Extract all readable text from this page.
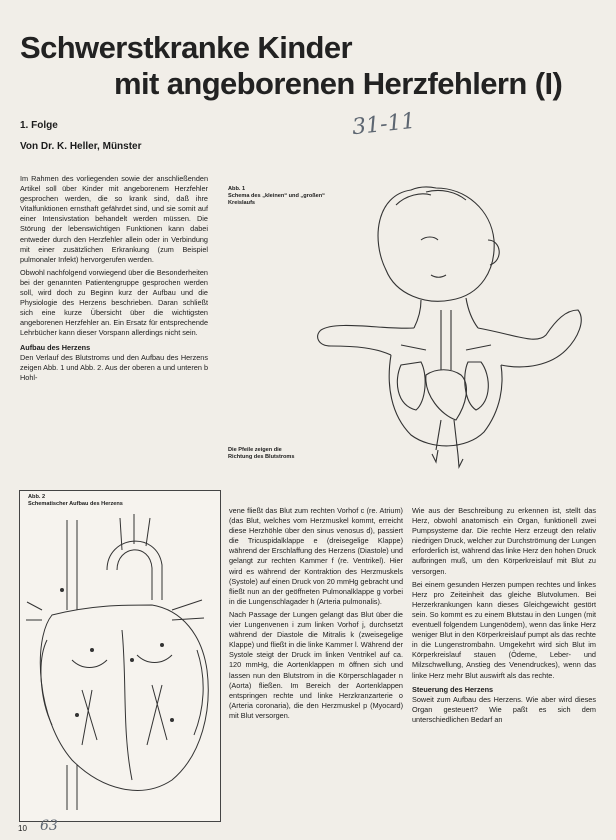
Schwerstkranke Kinder
mit angeborenen Herzfehlern (I)
1. Folge
Von Dr. K. Heller, Münster
31-11

Im Rahmen des vorliegenden sowie der anschließenden Artikel soll über Kinder mit angeborenem Herzfehler gesprochen werden, die so krank sind, daß ihre Vitalfunktionen ernsthaft gefährdet sind, und sie somit auf einer Intensivstation behandelt werden müssen. Die Störung der lebenswichtigen Funktionen kann dabei entweder durch den Herzfehler allein oder in Verbindung mit einer zusätzlichen Erkrankung (zum Beispiel pulmonaler Infekt) hervorgerufen werden.

Obwohl nachfolgend vorwiegend über die Besonderheiten bei der genannten Patientengruppe gesprochen werden soll, wird doch zu Beginn kurz der Aufbau und die Physiologie des Herzens beschrieben. Daran schließt sich eine kurze Übersicht über die wichtigsten angeborenen Herzfehler an. Ein Ersatz für entsprechende Lehrbücher kann dieser Vorspann allerdings nicht sein.

Aufbau des Herzens

Den Verlauf des Blutstroms und den Aufbau des Herzens zeigen Abb. 1 und Abb. 2. Aus der oberen a und unteren b Hohl-

Abb. 1
Schema des „kleinen“ und „großen“ Kreislaufs
Die Pfeile zeigen die Richtung des Blutstroms
Abb. 2
Schematischer Aufbau des Herzens

vene fließt das Blut zum rechten Vorhof c (re. Atrium) (das Blut, welches vom Herzmuskel kommt, erreicht diese Herzhöhle über den sinus venosus d), passiert die Tricuspidalklappe e (dreisegelige Klappe) während der Erschlaffung des Herzens (Diastole) und gelangt zur rechten Kammer f (re. Ventrikel). Hier wird es während der Kontraktion des Herzmuskels (Systole) auf einen Druck von 20 mmHg gebracht und fließt nun an der geöffneten Pulmonalklappe g vorbei in die Lungenschlagader h (Arteria pulmonalis).

Nach Passage der Lungen gelangt das Blut über die vier Lungenvenen i zum linken Vorhof j, durchsetzt während der Diastole die Mitralis k (zweisegelige Klappe) und fließt in die linke Kammer l. Während der Systole steigt der Druck im linken Ventrikel auf ca. 120 mmHg, die Aortenklappen m öffnen sich und lassen nun den Blutstrom in die Körperschlagader n (Aorta) fließen. Im Bereich der Aortenklappen entspringen rechte und linke Herzkranzarterie o (Arteria coronaria), die den Herzmuskel p (Myocard) mit Blut versorgen.

Wie aus der Beschreibung zu erkennen ist, stellt das Herz, obwohl anatomisch ein Organ, funktionell zwei Pumpsysteme dar. Die rechte Herz erzeugt den relativ niedrigen Druck, welcher zur Durchströmung der Lungen erforderlich ist, während das linke Herz den hohen Druck aufbringen muß, um den Körperkreislauf mit Blut zu versorgen.

Bei einem gesunden Herzen pumpen rechtes und linkes Herz pro Zeiteinheit das gleiche Blutvolumen. Bei Herzerkrankungen kann dieses Gleichgewicht gestört sein. So kommt es zu einem Blutstau in den Lungen (mit eventuell folgendem Lungenödem), wenn das linke Herz weniger Blut in den Körperkreislauf pumpt als das rechte in die Lungenstrombahn. Umgekehrt wird sich Blut im Körperkreislauf stauen (Ödeme, Leber- und Milzschwellung, Anstieg des Venendruckes), wenn das linke Herz mehr Blut auswirft als das rechte.

Steuerung des Herzens

Soweit zum Aufbau des Herzens. Wie aber wird dieses Organ gesteuert? Wie paßt es sich dem unterschiedlichen Bedarf an

10 63
